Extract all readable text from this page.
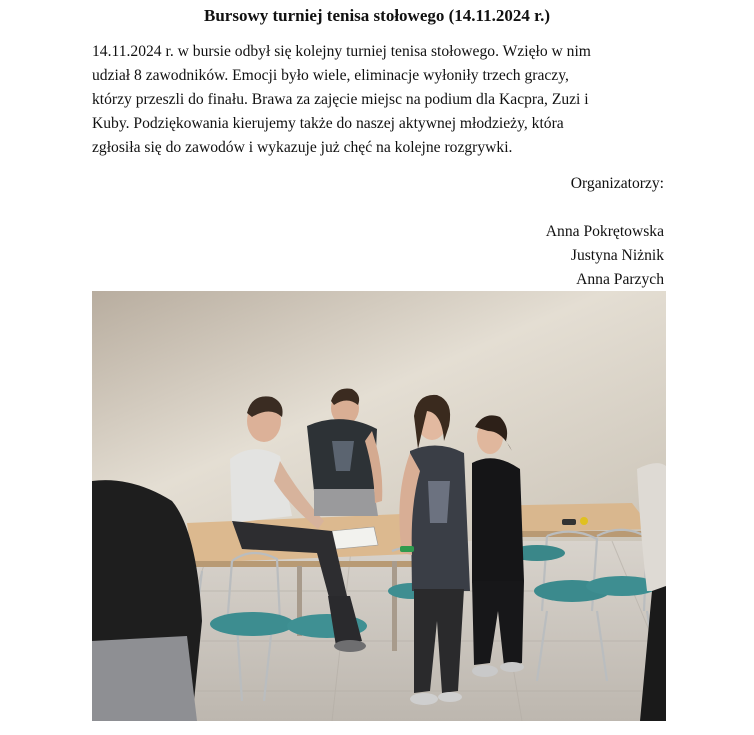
Bursowy turniej tenisa stołowego (14.11.2024 r.)
14.11.2024 r. w bursie odbył się kolejny turniej tenisa stołowego. Wzięło w nim
udział 8 zawodników. Emocji było wiele, eliminacje wyłoniły trzech graczy,
którzy przeszli do finału. Brawa za zajęcie miejsc na podium dla Kacpra, Zuzi i
Kuby. Podziękowania kierujemy także do naszej aktywnej młodzieży, która
zgłosiła się do zawodów i wykazuje już chęć na kolejne rozgrywki.

Organizatorzy:

Anna Pokrętowska

Justyna Niżnik

Anna Parzych
